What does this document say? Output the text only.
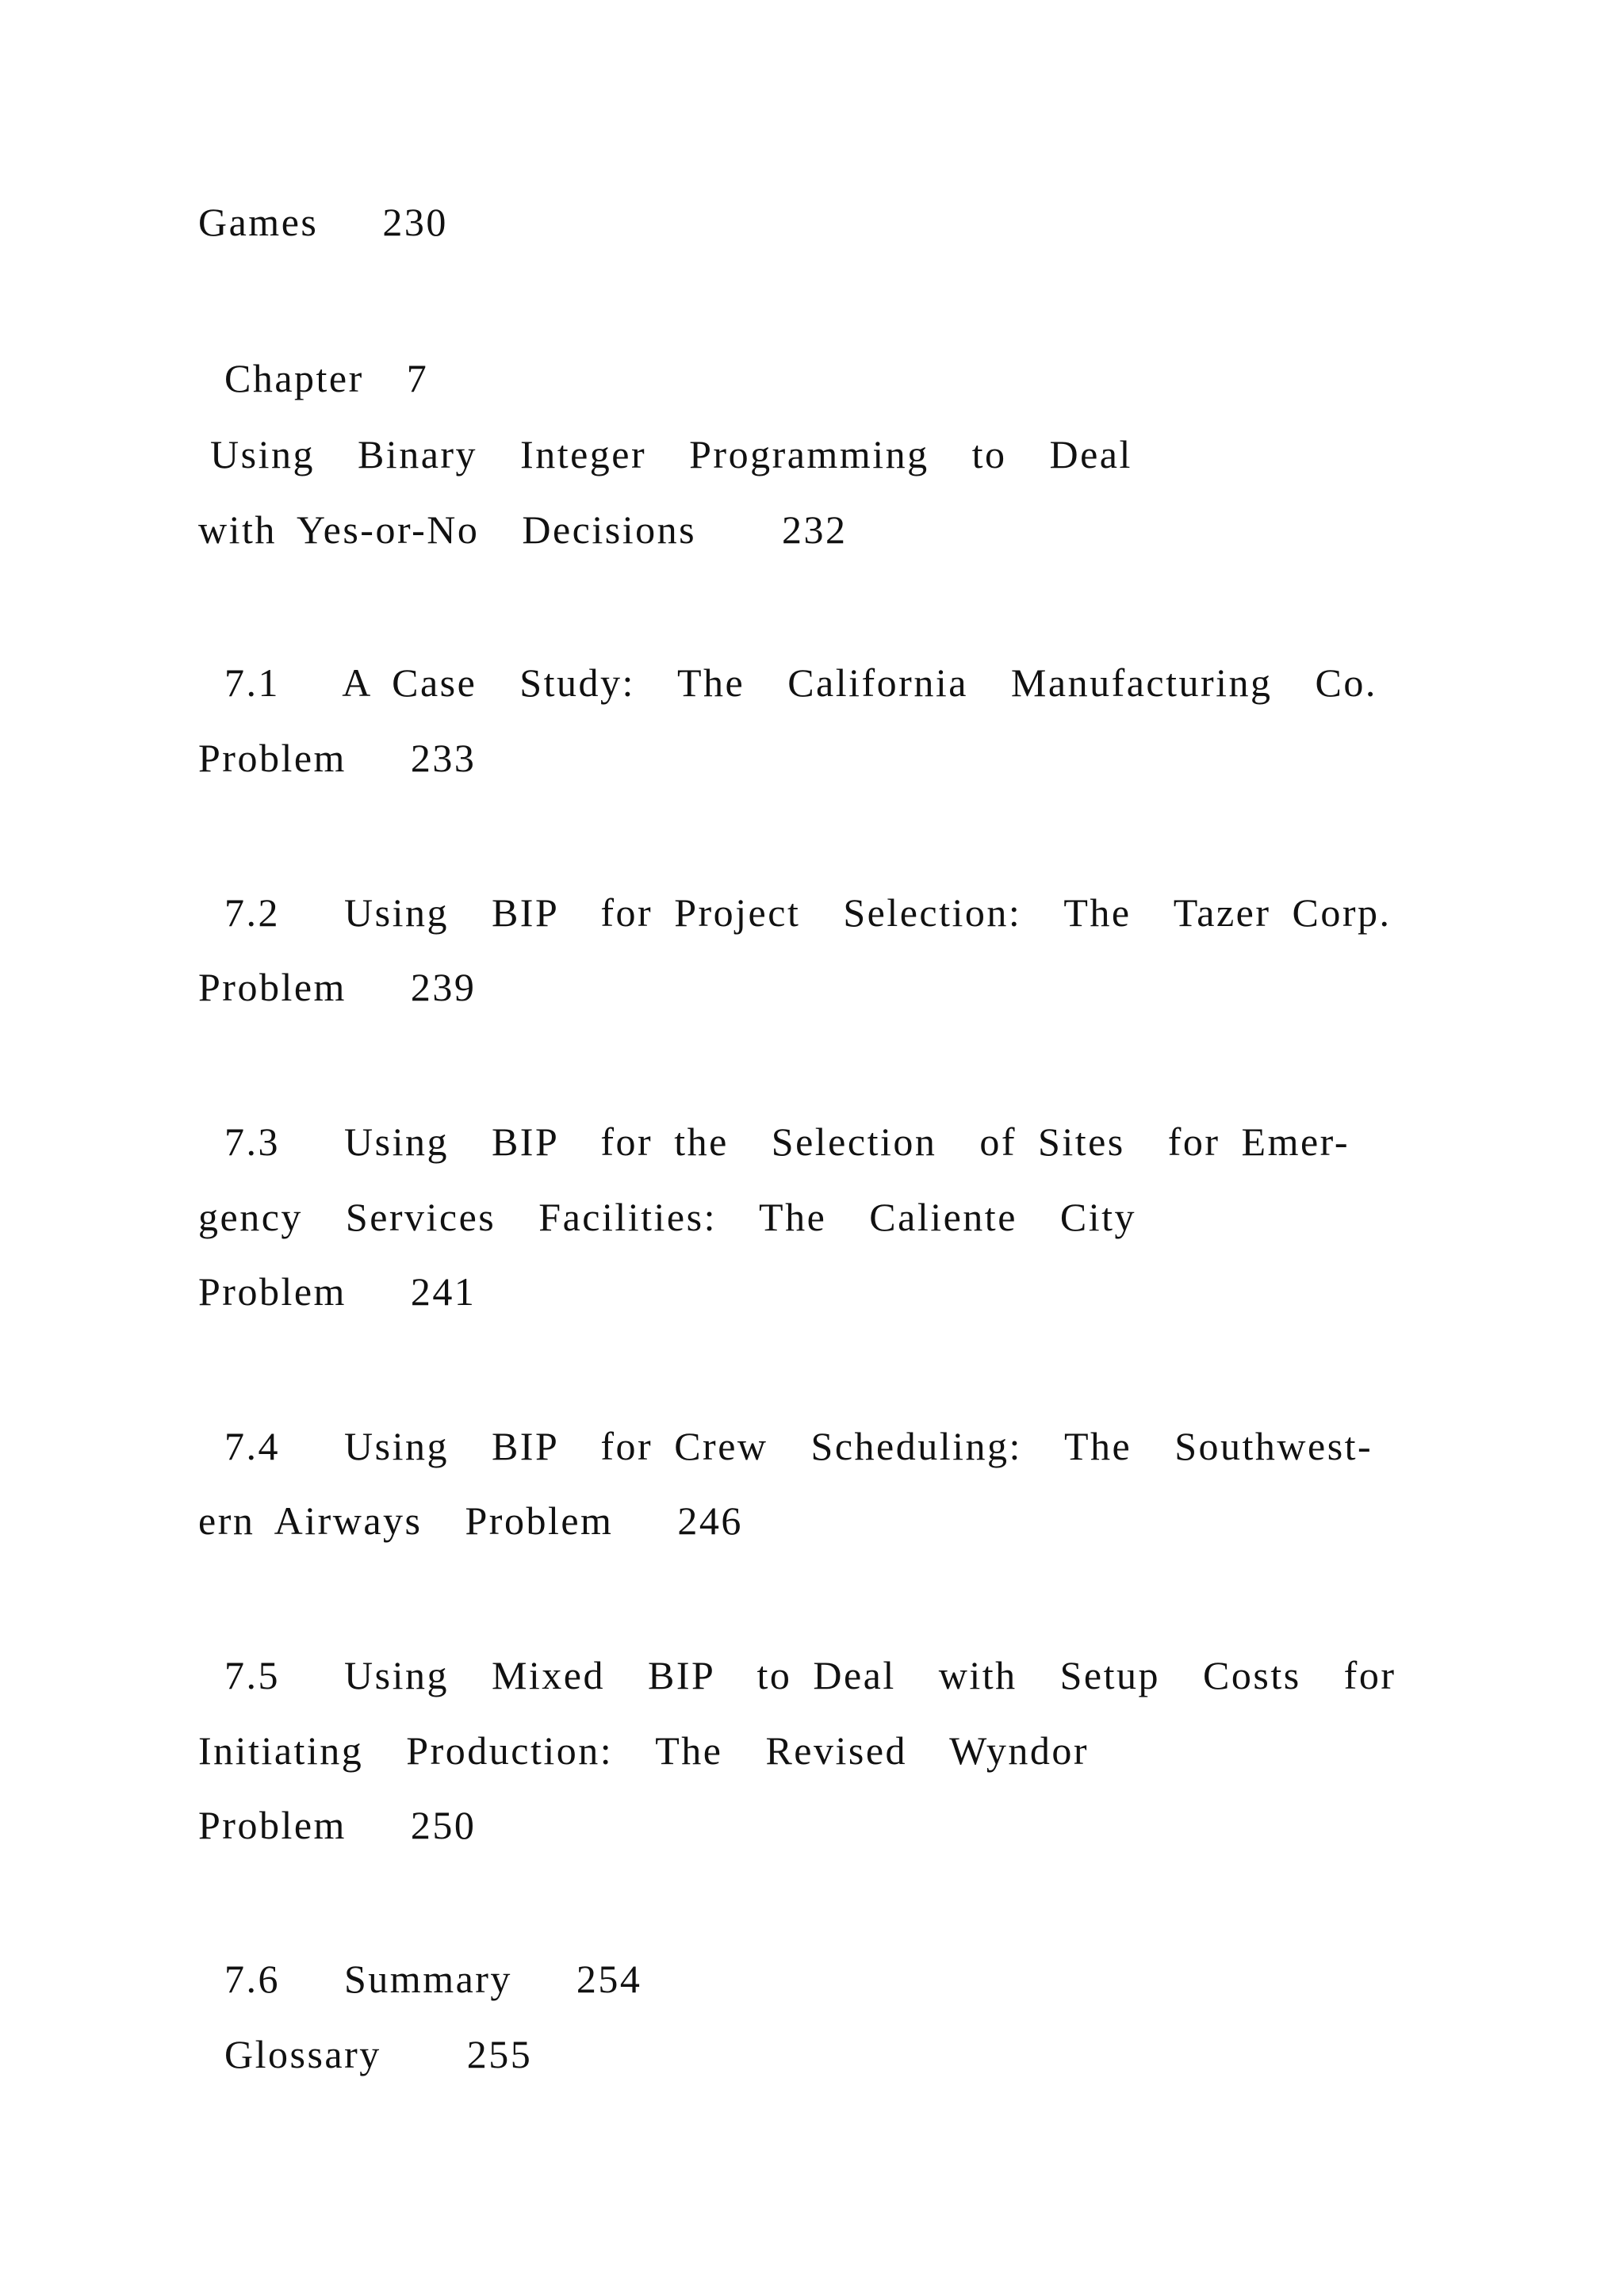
Games   230
Chapter  7
Using  Binary  Integer  Programming  to  Deal
with Yes-or-No  Decisions    232
7.1   A Case  Study:  The  California  Manufacturing  Co.
Problem   233
7.2   Using  BIP  for Project  Selection:  The  Tazer Corp.
Problem   239
7.3   Using  BIP  for the  Selection  of Sites  for Emer-
gency  Services  Facilities:  The  Caliente  City
Problem   241
7.4   Using  BIP  for Crew  Scheduling:  The  Southwest-
ern Airways  Problem   246
7.5   Using  Mixed  BIP  to Deal  with  Setup  Costs  for
Initiating  Production:  The  Revised  Wyndor
Problem   250
7.6   Summary   254
Glossary    255
